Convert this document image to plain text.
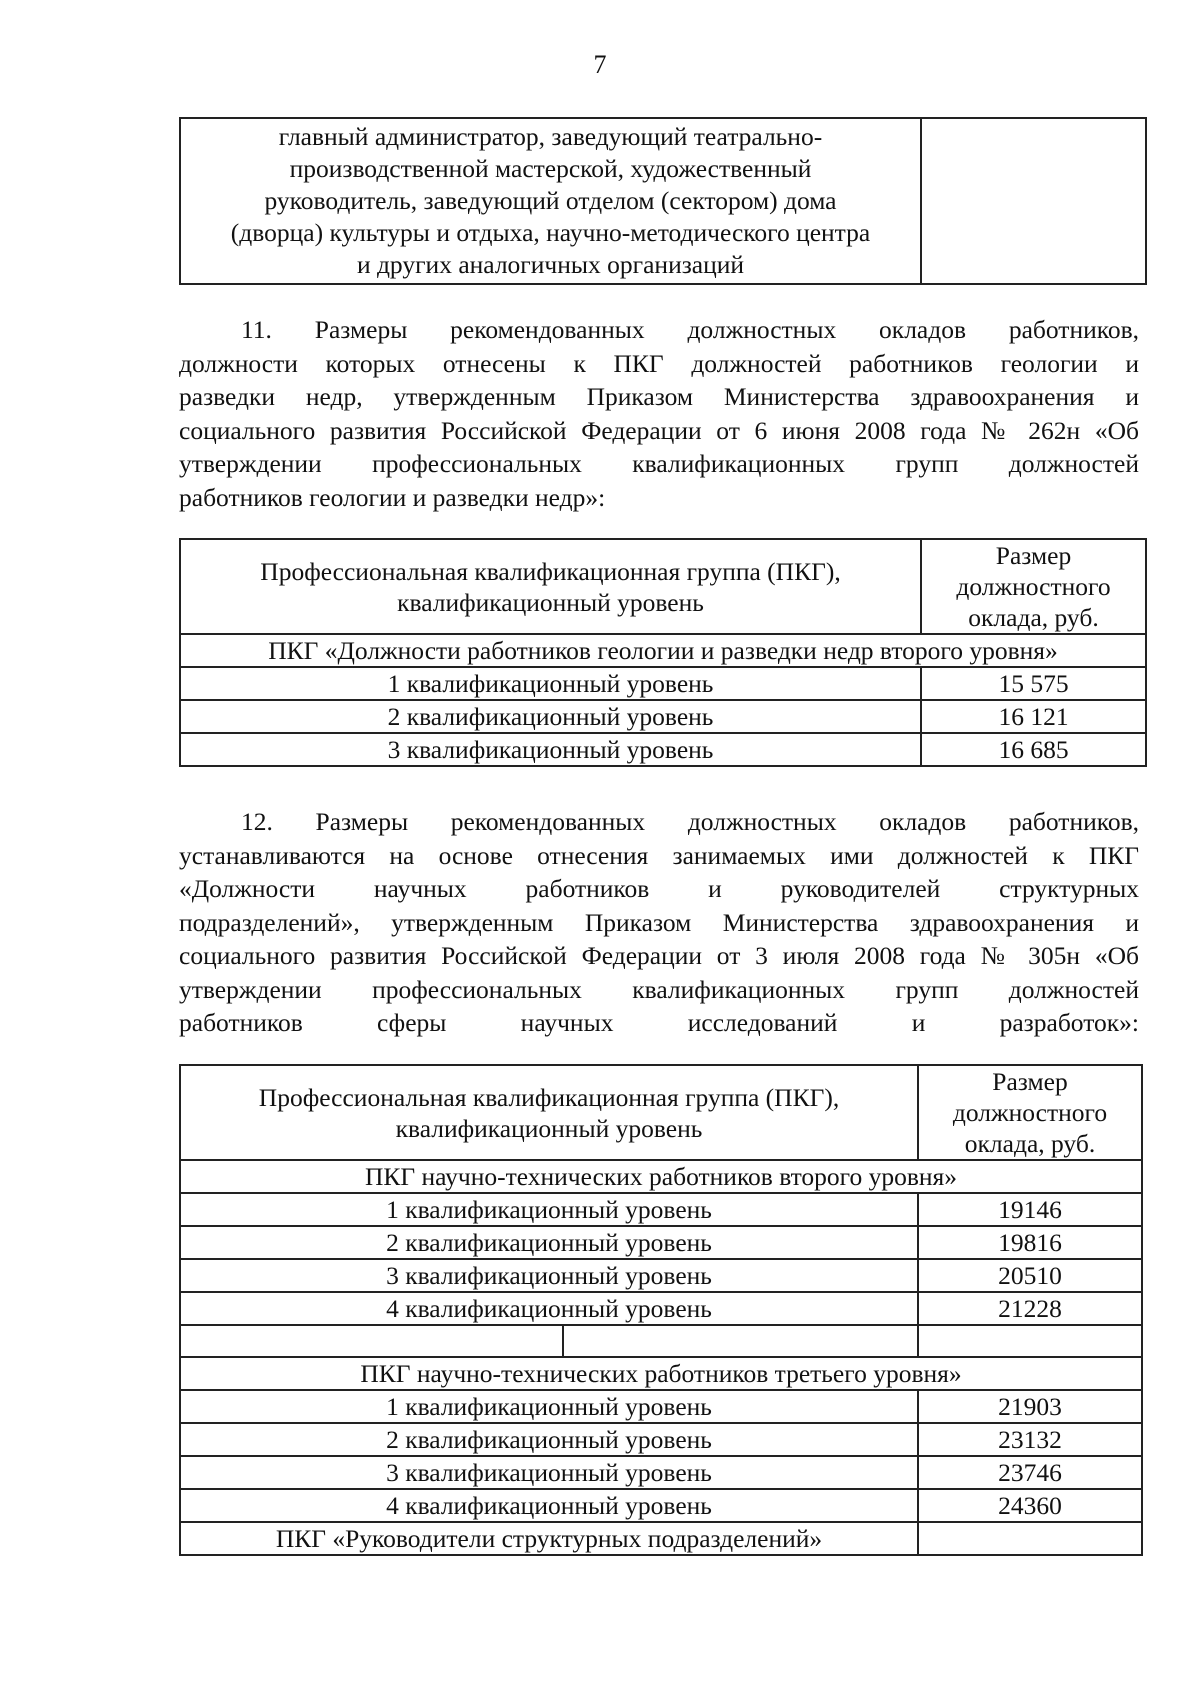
7
главный администратор, заведующий театрально-
производственной мастерской, художественный
руководитель, заведующий отделом (сектором) дома
(дворца) культуры и отдыха, научно-методического центра
и других аналогичных организаций

11. Размеры рекомендованных должностных окладов работников,
должности которых отнесены к ПКГ должностей работников геологии и
разведки недр, утвержденным Приказом Министерства здравоохранения и
социального развития Российской Федерации от 6 июня 2008 года № 262н «Об
утверждении профессиональных квалификационных групп должностей
работников геологии и разведки недр»:
Профессиональная квалификационная группа (ПКГ),
квалификационный уровень	Размер
должностного
оклада, руб.

ПКГ «Должности работников геологии и разведки недр второго уровня»	
1 квалификационный уровень	15 575
2 квалификационный уровень	16 121
3 квалификационный уровень	16 685
12. Размеры рекомендованных должностных окладов работников,
устанавливаются на основе отнесения занимаемых ими должностей к ПКГ
«Должности научных работников и руководителей структурных
подразделений», утвержденным Приказом Министерства здравоохранения и
социального развития Российской Федерации от 3 июля 2008 года № 305н «Об
утверждении профессиональных квалификационных групп должностей
работников сферы научных исследований и разработок»:
Профессиональная квалификационная группа (ПКГ),
квалификационный уровень		Размер
должностного
оклада, руб.

ПКГ научно-технических работников второго уровня»		
1 квалификационный уровень		19146
2 квалификационный уровень		19816
3 квалификационный уровень		20510
4 квалификационный уровень		21228

ПКГ научно-технических работников третьего уровня»		
1 квалификационный уровень		21903
2 квалификационный уровень		23132
3 квалификационный уровень		23746
4 квалификационный уровень		24360
ПКГ «Руководители структурных подразделений»		
